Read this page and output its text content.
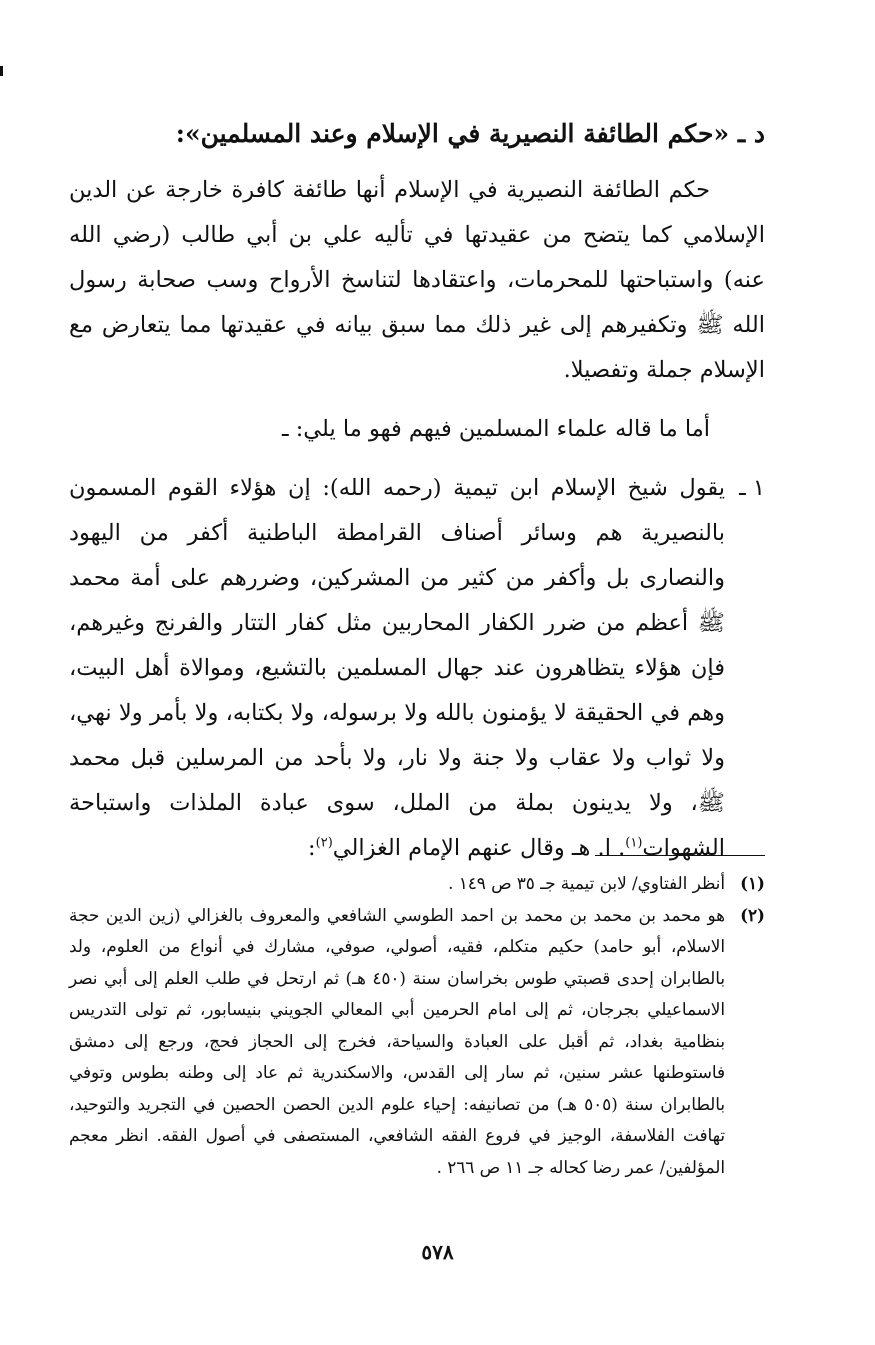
د ـ «حكم الطائفة النصيرية في الإسلام وعند المسلمين»:

حكم الطائفة النصيرية في الإسلام أنها طائفة كافرة خارجة عن الدين الإسلامي كما يتضح من عقيدتها في تأليه علي بن أبي طالب (رضي الله عنه) واستباحتها للمحرمات، واعتقادها لتناسخ الأرواح وسب صحابة رسول الله ﷺ وتكفيرهم إلى غير ذلك مما سبق بيانه في عقيدتها مما يتعارض مع الإسلام جملة وتفصيلا.

أما ما قاله علماء المسلمين فيهم فهو ما يلي: ـ

١ ـ
يقول شيخ الإسلام ابن تيمية (رحمه الله): إن هؤلاء القوم المسمون بالنصيرية هم وسائر أصناف القرامطة الباطنية أكفر من اليهود والنصارى بل وأكفر من كثير من المشركين، وضررهم على أمة محمد ﷺ أعظم من ضرر الكفار المحاربين مثل كفار التتار والفرنج وغيرهم، فإن هؤلاء يتظاهرون عند جهال المسلمين بالتشيع، وموالاة أهل البيت، وهم في الحقيقة لا يؤمنون بالله ولا برسوله، ولا بكتابه، ولا بأمر ولا نهي، ولا ثواب ولا عقاب ولا جنة ولا نار، ولا بأحد من المرسلين قبل محمد ﷺ، ولا يدينون بملة من الملل، سوى عبادة الملذات واستباحة الشهوات$^{(١)}$. ا. هـ وقال عنهم الإمام الغزالي$^{(٢)}$:

(١)
أنظر الفتاوي/ لابن تيمية جـ ٣٥ ص ١٤٩ .

(٢)
هو محمد بن محمد بن محمد بن احمد الطوسي الشافعي والمعروف بالغزالي (زين الدين حجة الاسلام، أبو حامد) حكيم متكلم، فقيه، أصولي، صوفي، مشارك في أنواع من العلوم، ولد بالطابران إحدى قصبتي طوس بخراسان سنة (٤٥٠ هـ) ثم ارتحل في طلب العلم إلى أبي نصر الاسماعيلي بجرجان، ثم إلى امام الحرمين أبي المعالي الجويني بنيسابور، ثم تولى التدريس بنظامية بغداد، ثم أقبل على العبادة والسياحة، فخرج إلى الحجاز فحج، ورجع إلى دمشق فاستوطنها عشر سنين، ثم سار إلى القدس، والاسكندرية ثم عاد إلى وطنه بطوس وتوفي بالطابران سنة (٥٠٥ هـ) من تصانيفه: إحياء علوم الدين الحصن الحصين في التجريد والتوحيد، تهافت الفلاسفة، الوجيز في فروع الفقه الشافعي، المستصفى في أصول الفقه. انظر معجم المؤلفين/ عمر رضا كحاله جـ ١١ ص ٢٦٦ .

٥٧٨
